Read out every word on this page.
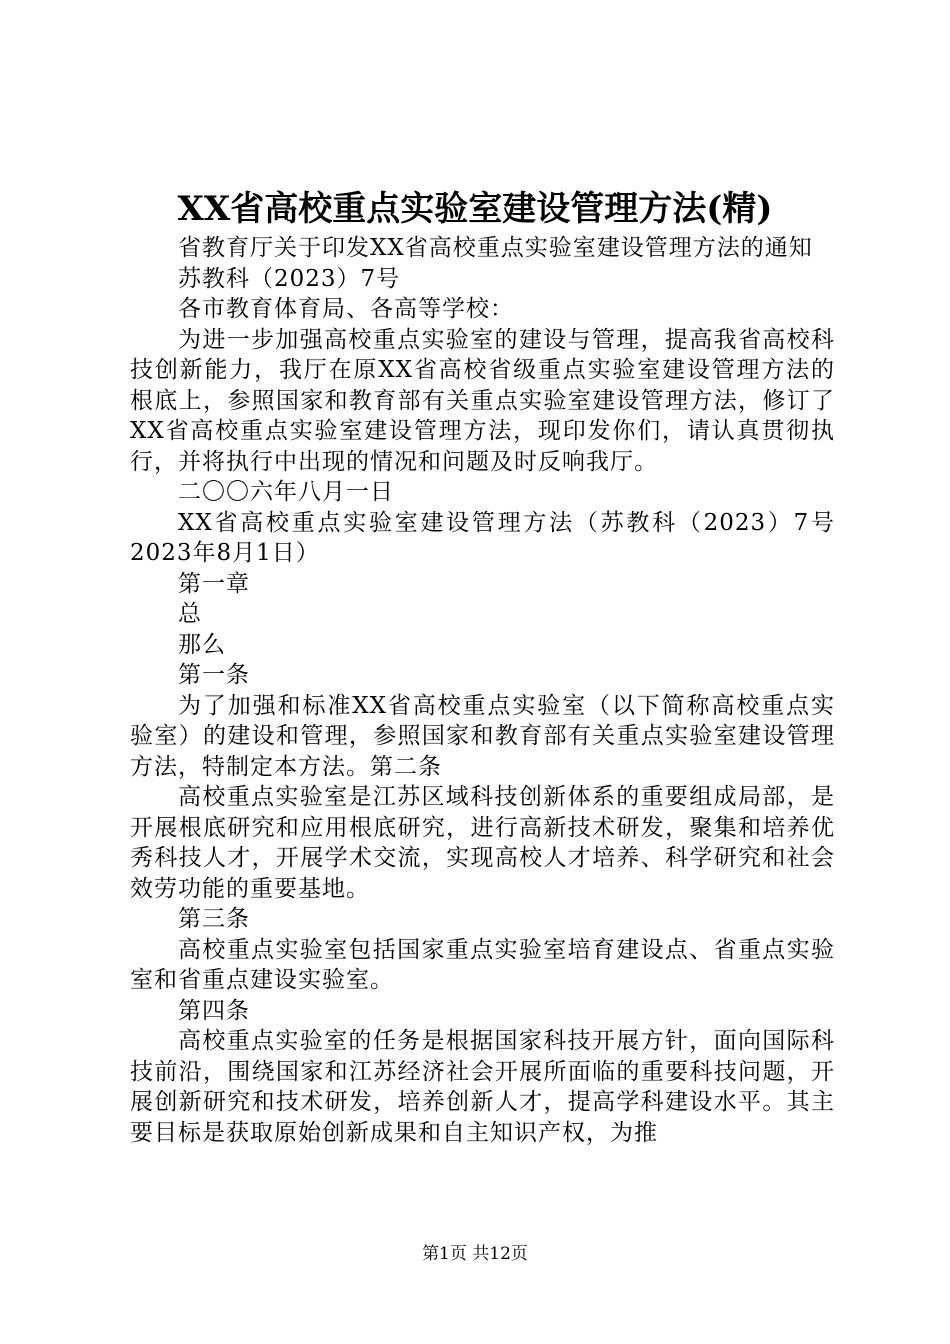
XX省高校重点实验室建设管理方法(精)

省教育厅关于印发XX省高校重点实验室建设管理方法的通知

苏教科（2023）7号

各市教育体育局、各高等学校：

为进一步加强高校重点实验室的建设与管理，提高我省高校科技创新能力，我厅在原XX省高校省级重点实验室建设管理方法的根底上，参照国家和教育部有关重点实验室建设管理方法，修订了XX省高校重点实验室建设管理方法，现印发你们，请认真贯彻执行，并将执行中出现的情况和问题及时反响我厅。

二〇〇六年八月一日

XX省高校重点实验室建设管理方法（苏教科（2023）7号 2023年8月1日）

第一章

总

那么

第一条

为了加强和标准XX省高校重点实验室（以下简称高校重点实验室）的建设和管理，参照国家和教育部有关重点实验室建设管理方法，特制定本方法。第二条

高校重点实验室是江苏区域科技创新体系的重要组成局部，是开展根底研究和应用根底研究，进行高新技术研发，聚集和培养优秀科技人才，开展学术交流，实现高校人才培养、科学研究和社会效劳功能的重要基地。

第三条

高校重点实验室包括国家重点实验室培育建设点、省重点实验室和省重点建设实验室。

第四条

高校重点实验室的任务是根据国家科技开展方针，面向国际科技前沿，围绕国家和江苏经济社会开展所面临的重要科技问题，开展创新研究和技术研发，培养创新人才，提高学科建设水平。其主要目标是获取原始创新成果和自主知识产权，为推

第1页 共12页
